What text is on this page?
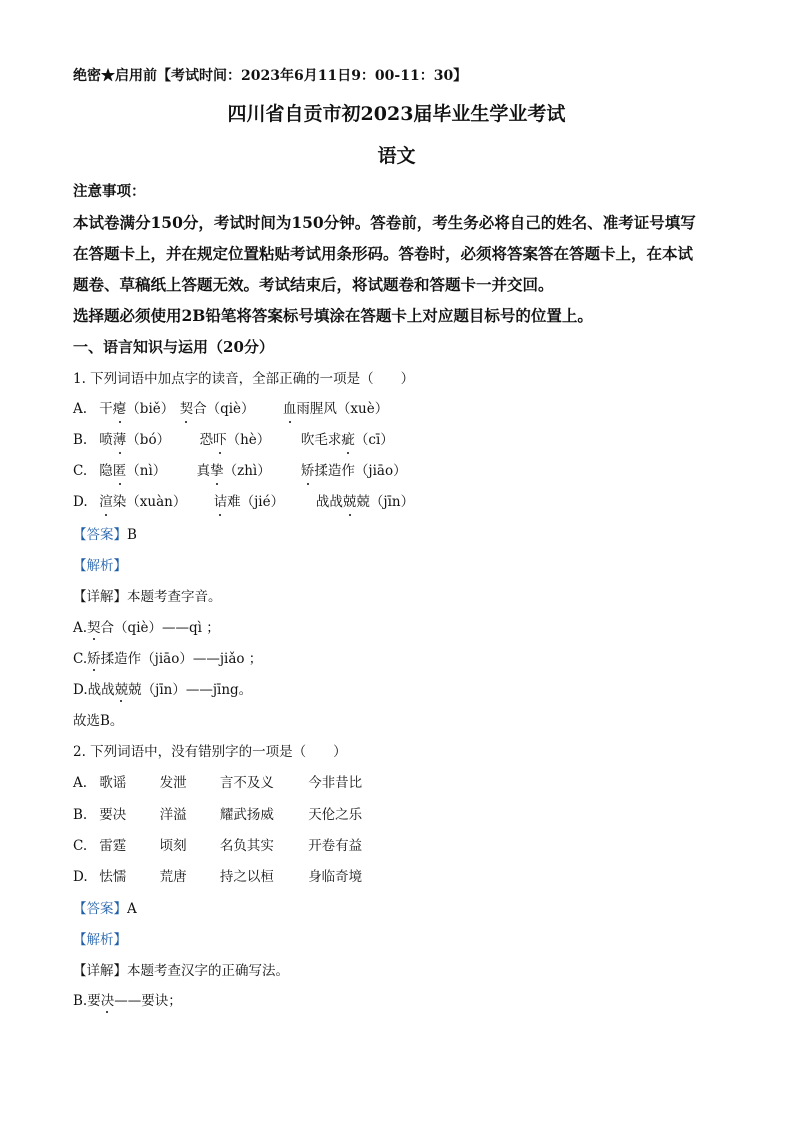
绝密★启用前【考试时间：2023年6月11日9：00-11：30】
四川省自贡市初2023届毕业生学业考试
语文
注意事项：
本试卷满分150分，考试时间为150分钟。答卷前，考生务必将自己的姓名、准考证号填写
在答题卡上，并在规定位置粘贴考试用条形码。答卷时，必须将答案答在答题卡上，在本试
题卷、草稿纸上答题无效。考试结束后，将试题卷和答题卡一并交回。
选择题必须使用2B铅笔将答案标号填涂在答题卡上对应题目标号的位置上。
一、语言知识与运用（20分）
1. 下列词语中加点字的读音，全部正确的一项是（　　）
A. 干瘪（biě） 契合（qiè） 血雨腥风（xuè）
B. 喷薄（bó） 恐吓（hè） 吹毛求疵（cī）
C. 隐匿（nì） 真挚（zhì） 矫揉造作（jiāo）
D. 渲染（xuàn） 诘难（jié） 战战兢兢（jīn）
【答案】B
【解析】
【详解】本题考查字音。
A.契合（qiè）——qì ；
C.矫揉造作（jiāo）——jiǎo ；
D.战战兢兢（jīn）——jīng。
故选B。
2. 下列词语中，没有错别字的一项是（　　）
A. 歌谣 发泄 言不及义	今非昔比
B. 要决 洋溢 耀武扬威	天伦之乐
C. 雷霆 顷刻 名负其实	开卷有益
D. 怯懦 荒唐 持之以桓	身临奇境
【答案】A
【解析】
【详解】本题考查汉字的正确写法。
B.要决——要诀；
